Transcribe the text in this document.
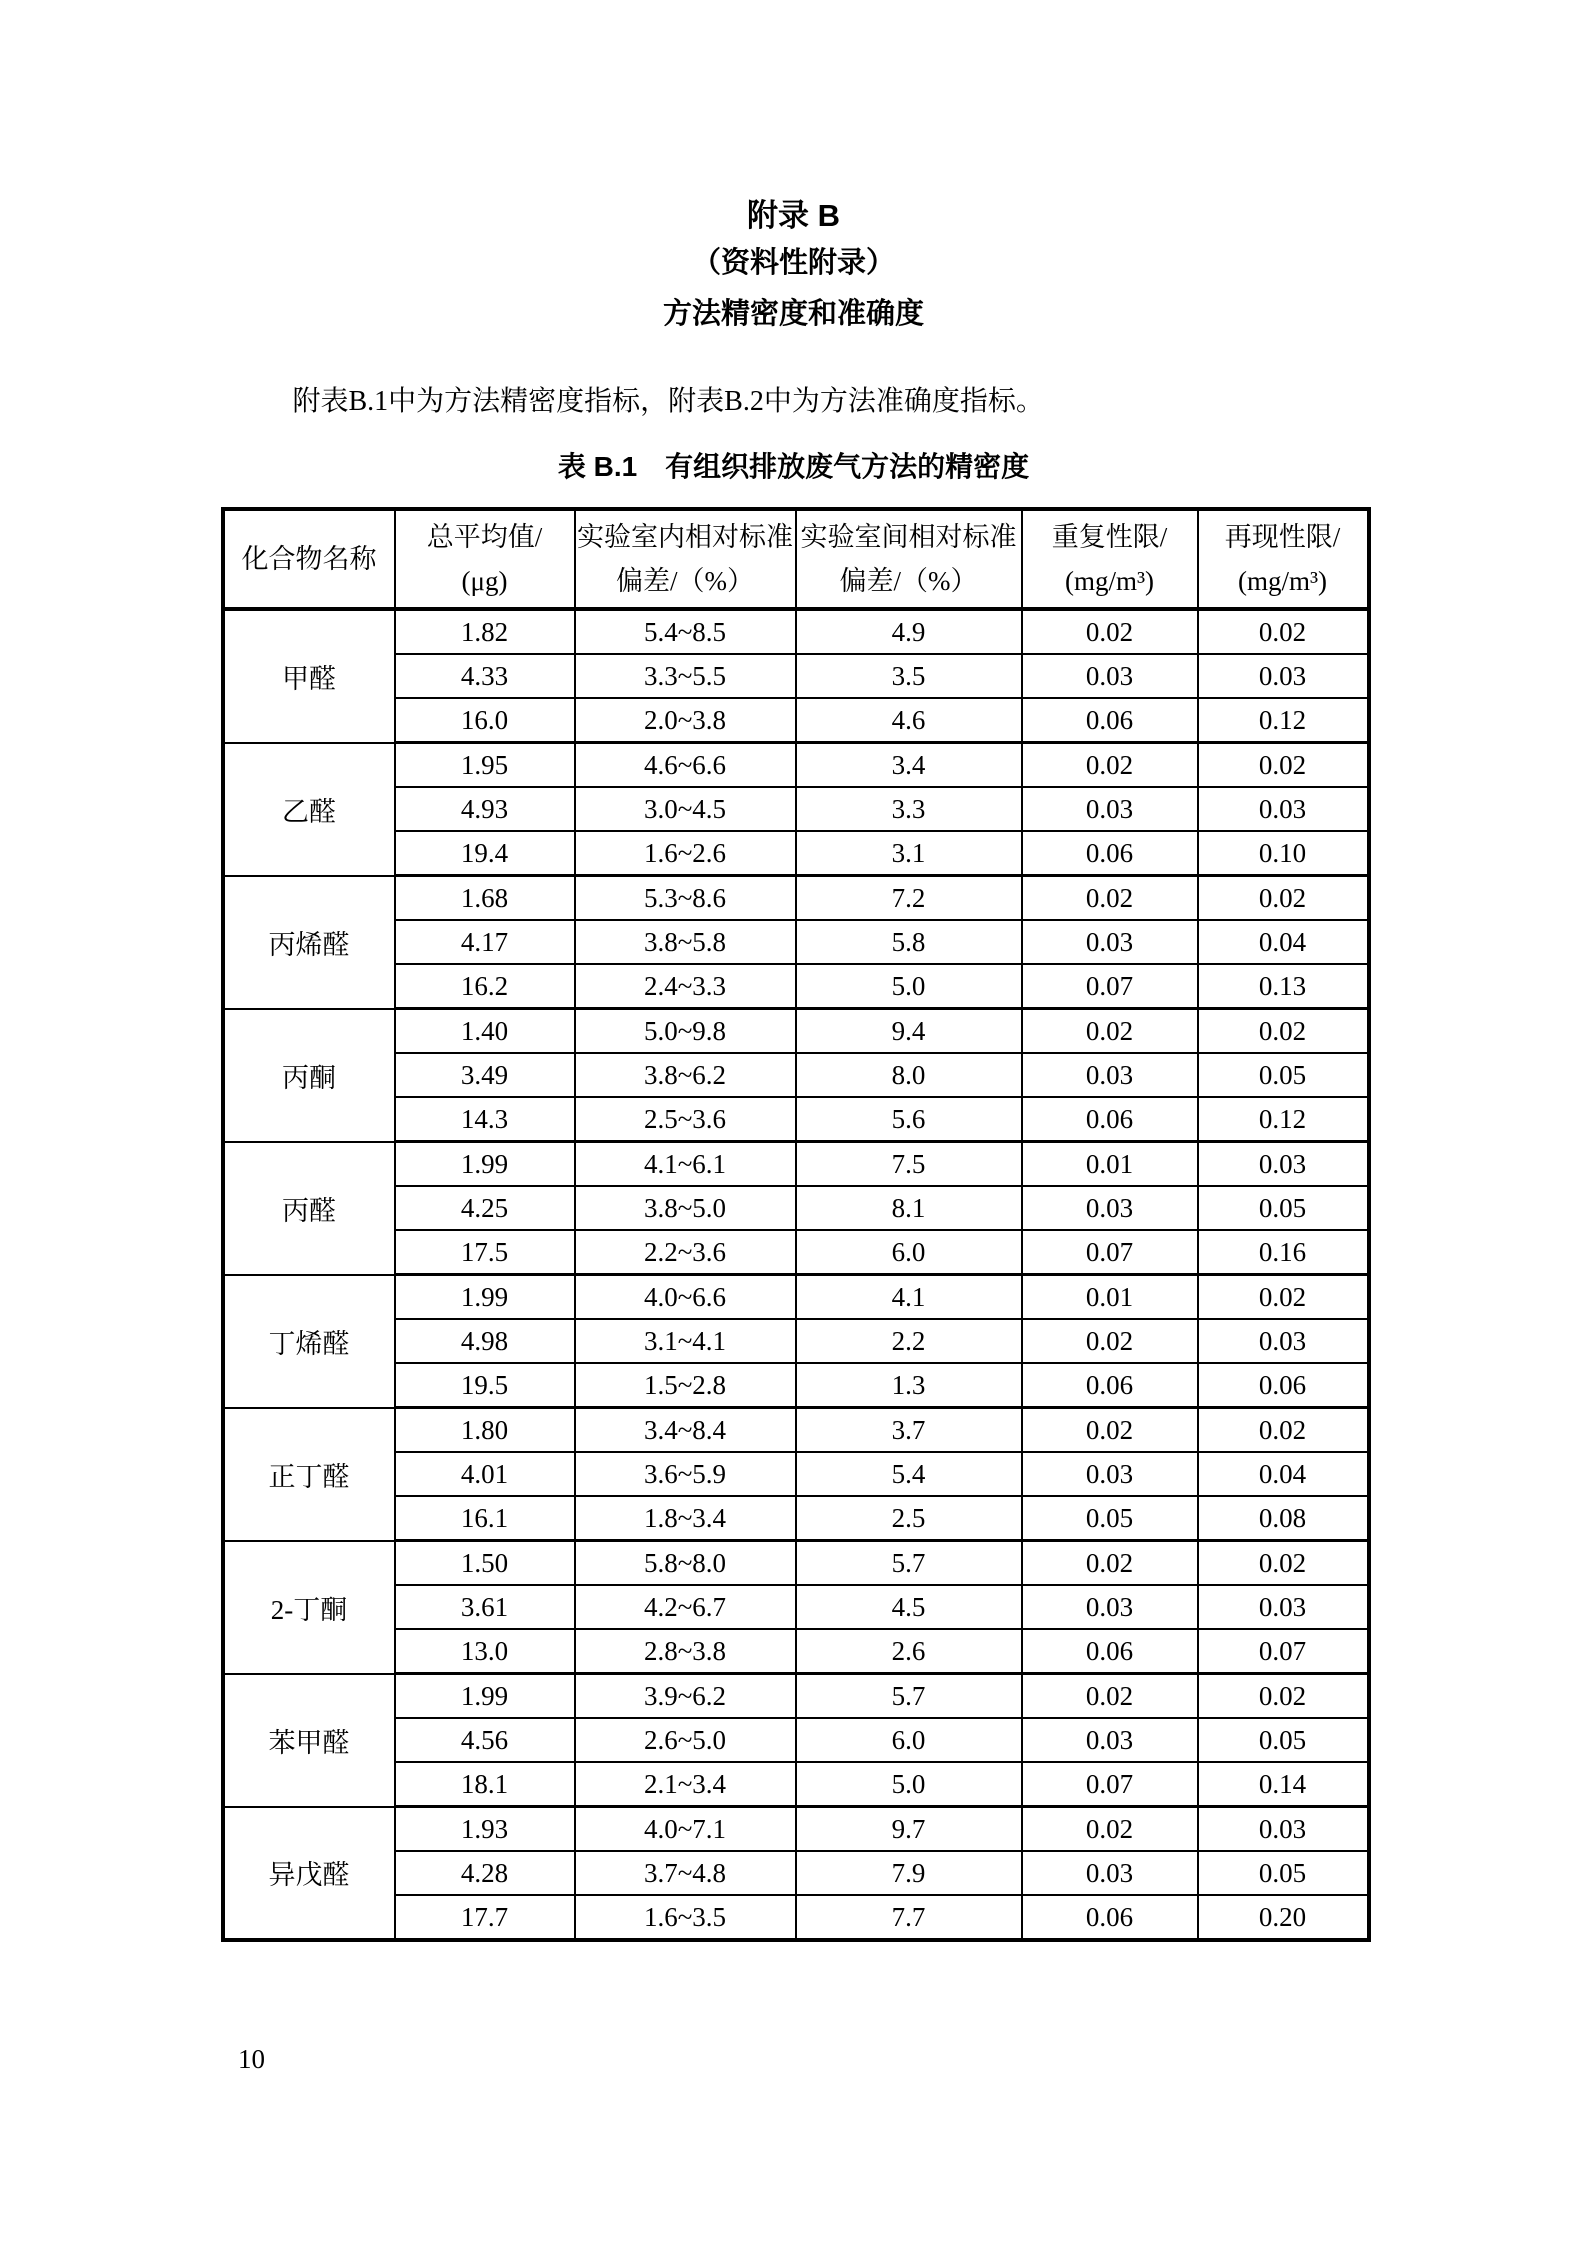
附录 B
（资料性附录）
方法精密度和准确度

附表B.1中为方法精密度指标，附表B.2中为方法准确度指标。

表 B.1　有组织排放废气方法的精密度
化合物名称

总平均值/
(μg)

实验室内相对标准
偏差/（%）

实验室间相对标准
偏差/（%）

重复性限/
(mg/m³)

再现性限/
(mg/m³)

甲醛	1.82	5.4~8.5	4.9	0.02	0.02
	4.33	3.3~5.5	3.5	0.03	0.03
	16.0	2.0~3.8	4.6	0.06	0.12
乙醛	1.95	4.6~6.6	3.4	0.02	0.02
	4.93	3.0~4.5	3.3	0.03	0.03
	19.4	1.6~2.6	3.1	0.06	0.10
丙烯醛	1.68	5.3~8.6	7.2	0.02	0.02
	4.17	3.8~5.8	5.8	0.03	0.04
	16.2	2.4~3.3	5.0	0.07	0.13
丙酮	1.40	5.0~9.8	9.4	0.02	0.02
	3.49	3.8~6.2	8.0	0.03	0.05
	14.3	2.5~3.6	5.6	0.06	0.12
丙醛	1.99	4.1~6.1	7.5	0.01	0.03
	4.25	3.8~5.0	8.1	0.03	0.05
	17.5	2.2~3.6	6.0	0.07	0.16
丁烯醛	1.99	4.0~6.6	4.1	0.01	0.02
	4.98	3.1~4.1	2.2	0.02	0.03
	19.5	1.5~2.8	1.3	0.06	0.06
正丁醛	1.80	3.4~8.4	3.7	0.02	0.02
	4.01	3.6~5.9	5.4	0.03	0.04
	16.1	1.8~3.4	2.5	0.05	0.08
2-丁酮	1.50	5.8~8.0	5.7	0.02	0.02
	3.61	4.2~6.7	4.5	0.03	0.03
	13.0	2.8~3.8	2.6	0.06	0.07
苯甲醛	1.99	3.9~6.2	5.7	0.02	0.02
	4.56	2.6~5.0	6.0	0.03	0.05
	18.1	2.1~3.4	5.0	0.07	0.14
异戊醛	1.93	4.0~7.1	9.7	0.02	0.03
	4.28	3.7~4.8	7.9	0.03	0.05
	17.7	1.6~3.5	7.7	0.06	0.20
10
